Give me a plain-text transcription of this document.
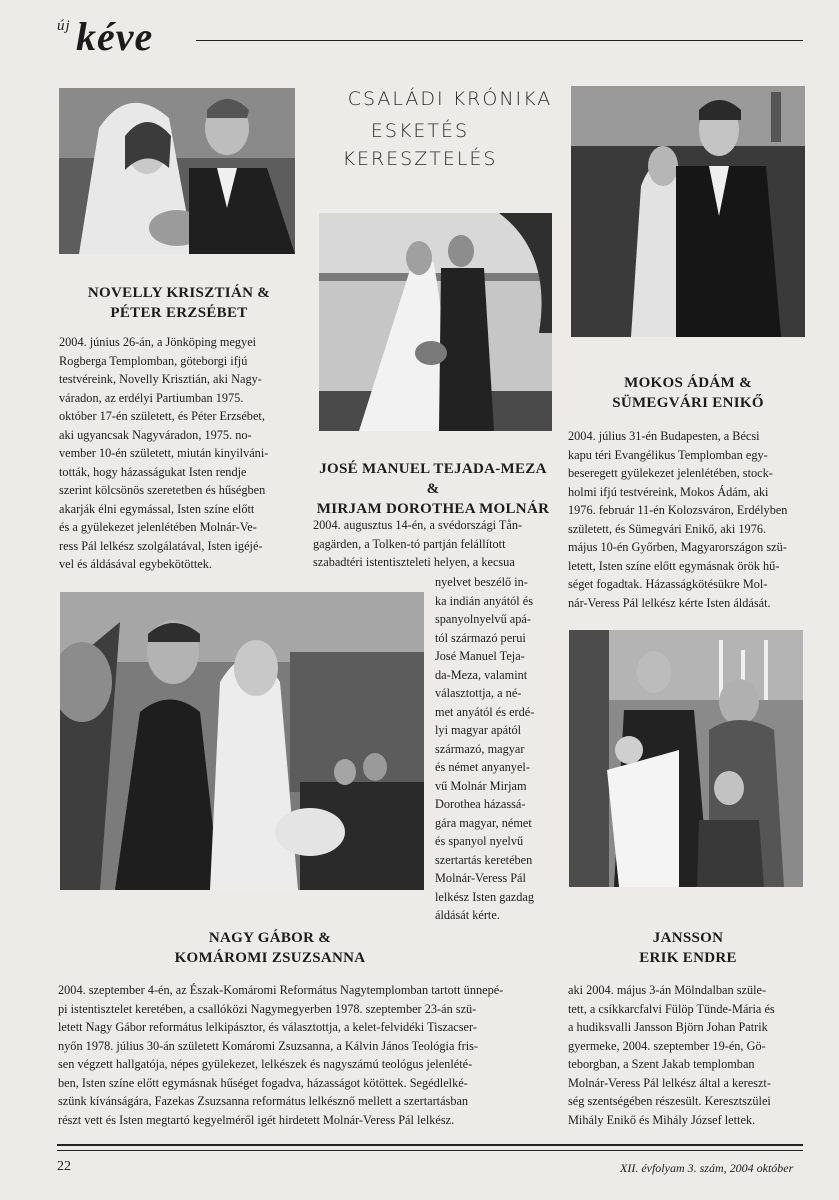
új kéve
CSALÁDI KRÓNIKA
ESKETÉS
KERESZTELÉS
NOVELLY KRISZTIÁN &
PÉTER ERZSÉBET
2004. június 26-án, a Jönköping megyei
Rogberga Templomban, göteborgi ifjú
testvéreink, Novelly Krisztián, aki Nagy-
váradon, az erdélyi Partiumban 1975.
október 17-én született, és Péter Erzsébet,
aki ugyancsak Nagyváradon, 1975. no-
vember 10-én született, miután kinyilváni-
tották, hogy házasságukat Isten rendje
szerint kölcsönös szeretetben és hűségben
akarják élni egymással, Isten színe előtt
és a gyülekezet jelenlétében Molnár-Ve-
ress Pál lelkész szolgálatával, Isten igéjé-
vel és áldásával egybekötöttek.
JOSÉ MANUEL TEJADA-MEZA &
MIRJAM DOROTHEA MOLNÁR
2004. augusztus 14-én, a svédországi Tån-
gagärden, a Tolken-tó partján felállított
szabadtéri istentiszteleti helyen, a kecsua
nyelvet beszélő in-
ka indián anyától és
spanyolnyelvű apá-
tól származó perui
José Manuel Teja-
da-Meza, valamint
választottja, a né-
met anyától és erdé-
lyi magyar apától
származó, magyar
és német anyanyel-
vű Molnár Mirjam
Dorothea házassá-
gára magyar, német
és spanyol nyelvű
szertartás keretében
Molnár-Veress Pál
lelkész Isten gazdag
áldását kérte.
MOKOS ÁDÁM &
SÜMEGVÁRI ENIKŐ
2004. július 31-én Budapesten, a Bécsi
kapu téri Evangélikus Templomban egy-
beseregett gyülekezet jelenlétében, stock-
holmi ifjú testvéreink, Mokos Ádám, aki
1976. február 11-én Kolozsváron, Erdélyben
született, és Sümegvári Enikő, aki 1976.
május 10-én Győrben, Magyarországon szü-
letett, Isten színe előtt egymásnak örök hű-
séget fogadtak. Házasságkötésükre Mol-
nár-Veress Pál lelkész kérte Isten áldását.
NAGY GÁBOR &
KOMÁROMI ZSUZSANNA
2004. szeptember 4-én, az Észak-Komáromi Református Nagytemplomban tartott ünnepé-
pi istentisztelet keretében, a csallóközi Nagymegyerben 1978. szeptember 23-án szü-
letett Nagy Gábor református lelkipásztor, és választottja, a kelet-felvidéki Tiszacser-
nyőn 1978. július 30-án született Komáromi Zsuzsanna, a Kálvin János Teológia fris-
sen végzett hallgatója, népes gyülekezet, lelkészek és nagyszámú teológus jelenlété-
ben, Isten színe előtt egymásnak hűséget fogadva, házasságot kötöttek. Segédlelké-
szünk kívánságára, Fazekas Zsuzsanna református lelkésznő mellett a szertartásban
részt vett és Isten megtartó kegyelméről igét hirdetett Molnár-Veress Pál lelkész.
JANSSON
ERIK ENDRE
aki 2004. május 3-án Mölndalban szüle-
tett, a csíkkarcfalvi Fülöp Tünde-Mária és
a hudiksvalli Jansson Björn Johan Patrik
gyermeke, 2004. szeptember 19-én, Gö-
teborgban, a Szent Jakab templomban
Molnár-Veress Pál lelkész által a kereszt-
ség szentségében részesült. Keresztszülei
Mihály Enikő és Mihály József lettek.
22	XII. évfolyam 3. szám, 2004 október
